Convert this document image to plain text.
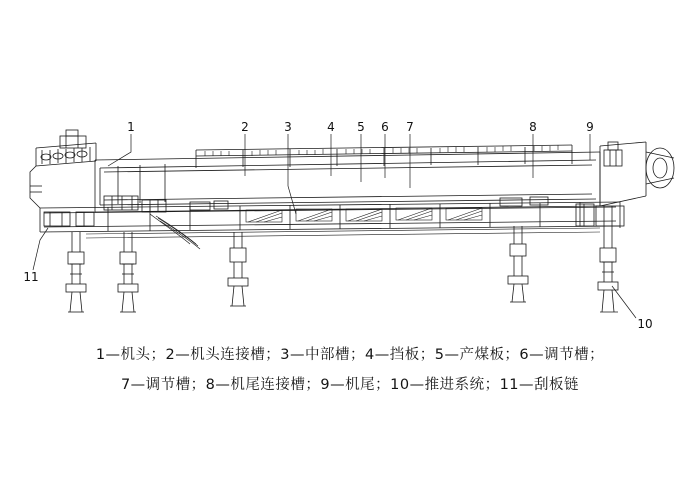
1	2	3	4 5 6 7	8	9
10
11
1—机头；2—机头连接槽；3—中部槽；4—挡板；5—产煤板；6—调节槽；
7—调节槽；8—机尾连接槽；9—机尾；10—推进系统；11—刮板链
